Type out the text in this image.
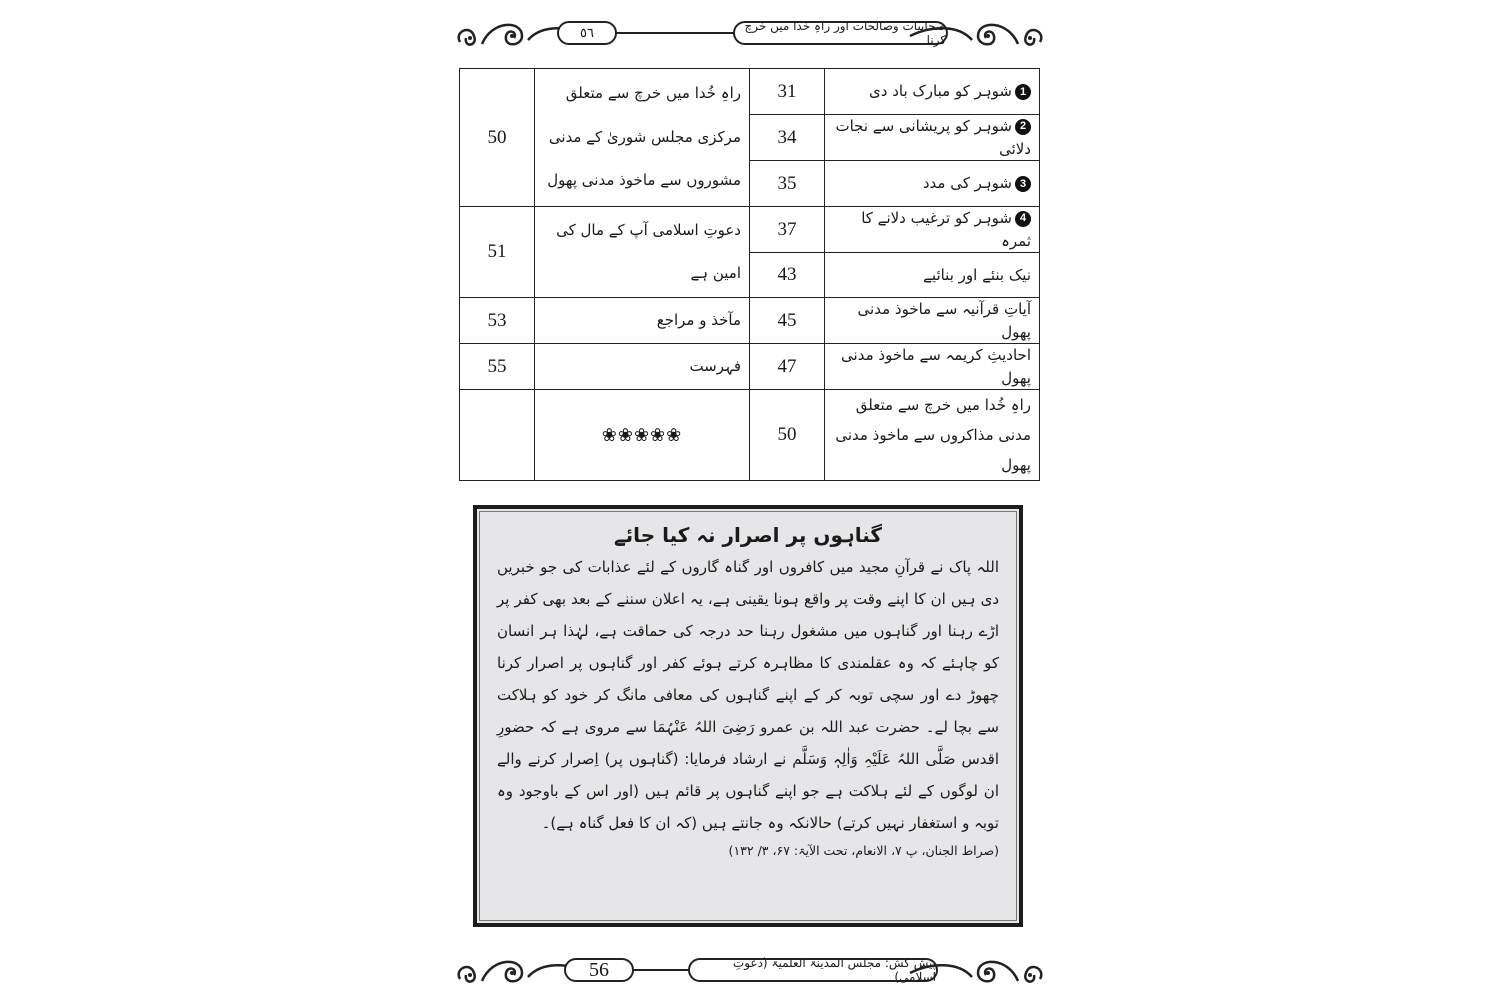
٥٦	صحابیات وصالحات اور راہِ خدا میں خرچ کرنا
50	راہِ خُدا میں خرچ سے متعلق مرکزی مجلس شوریٰ کے مدنی مشوروں سے ماخوذ مدنی پھول	31	1شوہر کو مبارک باد دی
		34	2شوہر کو پریشانی سے نجات دلائی
		35	3شوہر کی مدد
51	دعوتِ اسلامی آپ کے مال کی امین ہے	37	4شوہر کو ترغیب دلانے کا ثمرہ
		43	نیک بنئے اور بنائیے
53	مآخذ و مراجع	45	آیاتِ قرآنیہ سے ماخوذ مدنی پھول
55	فہرست	47	احادیثِ کریمہ سے ماخوذ مدنی پھول
	❀❀❀❀❀	50	راہِ خُدا میں خرچ سے متعلق مدنی مذاکروں سے ماخوذ مدنی پھول
گناہوں پر اصرار نہ کیا جائے

اللہ پاک نے قرآنِ مجید میں کافروں اور گناہ گاروں کے لئے عذابات کی جو خبریں دی ہیں ان کا اپنے وقت پر واقع ہونا یقینی ہے، یہ اعلان سننے کے بعد بھی کفر پر اڑے رہنا اور گناہوں میں مشغول رہنا حد درجہ کی حماقت ہے، لہٰذا ہر انسان کو چاہئے کہ وہ عقلمندی کا مظاہرہ کرتے ہوئے کفر اور گناہوں پر اصرار کرنا چھوڑ دے اور سچی توبہ کر کے اپنے گناہوں کی معافی مانگ کر خود کو ہلاکت سے بچا لے۔ حضرت عبد اللہ بن عمرو رَضِیَ اللہُ عَنْہُمَا سے مروی ہے کہ حضورِ اقدس صَلَّی اللہُ عَلَیْہِ وَاٰلِہٖ وَسَلَّم نے ارشاد فرمایا: (گناہوں پر) اِصرار کرنے والے ان لوگوں کے لئے ہلاکت ہے جو اپنے گناہوں پر قائم ہیں (اور اس کے باوجود وہ توبہ و استغفار نہیں کرتے) حالانکہ وہ جانتے ہیں (کہ ان کا فعل گناہ ہے)۔

(صراط الجنان، پ ۷، الانعام، تحت الآیۃ: ۶۷، ۳/ ۱۳۲)
56	پیش کش: مجلس المدینۃ العلمیۃ (دعوتِ اسلامی)
